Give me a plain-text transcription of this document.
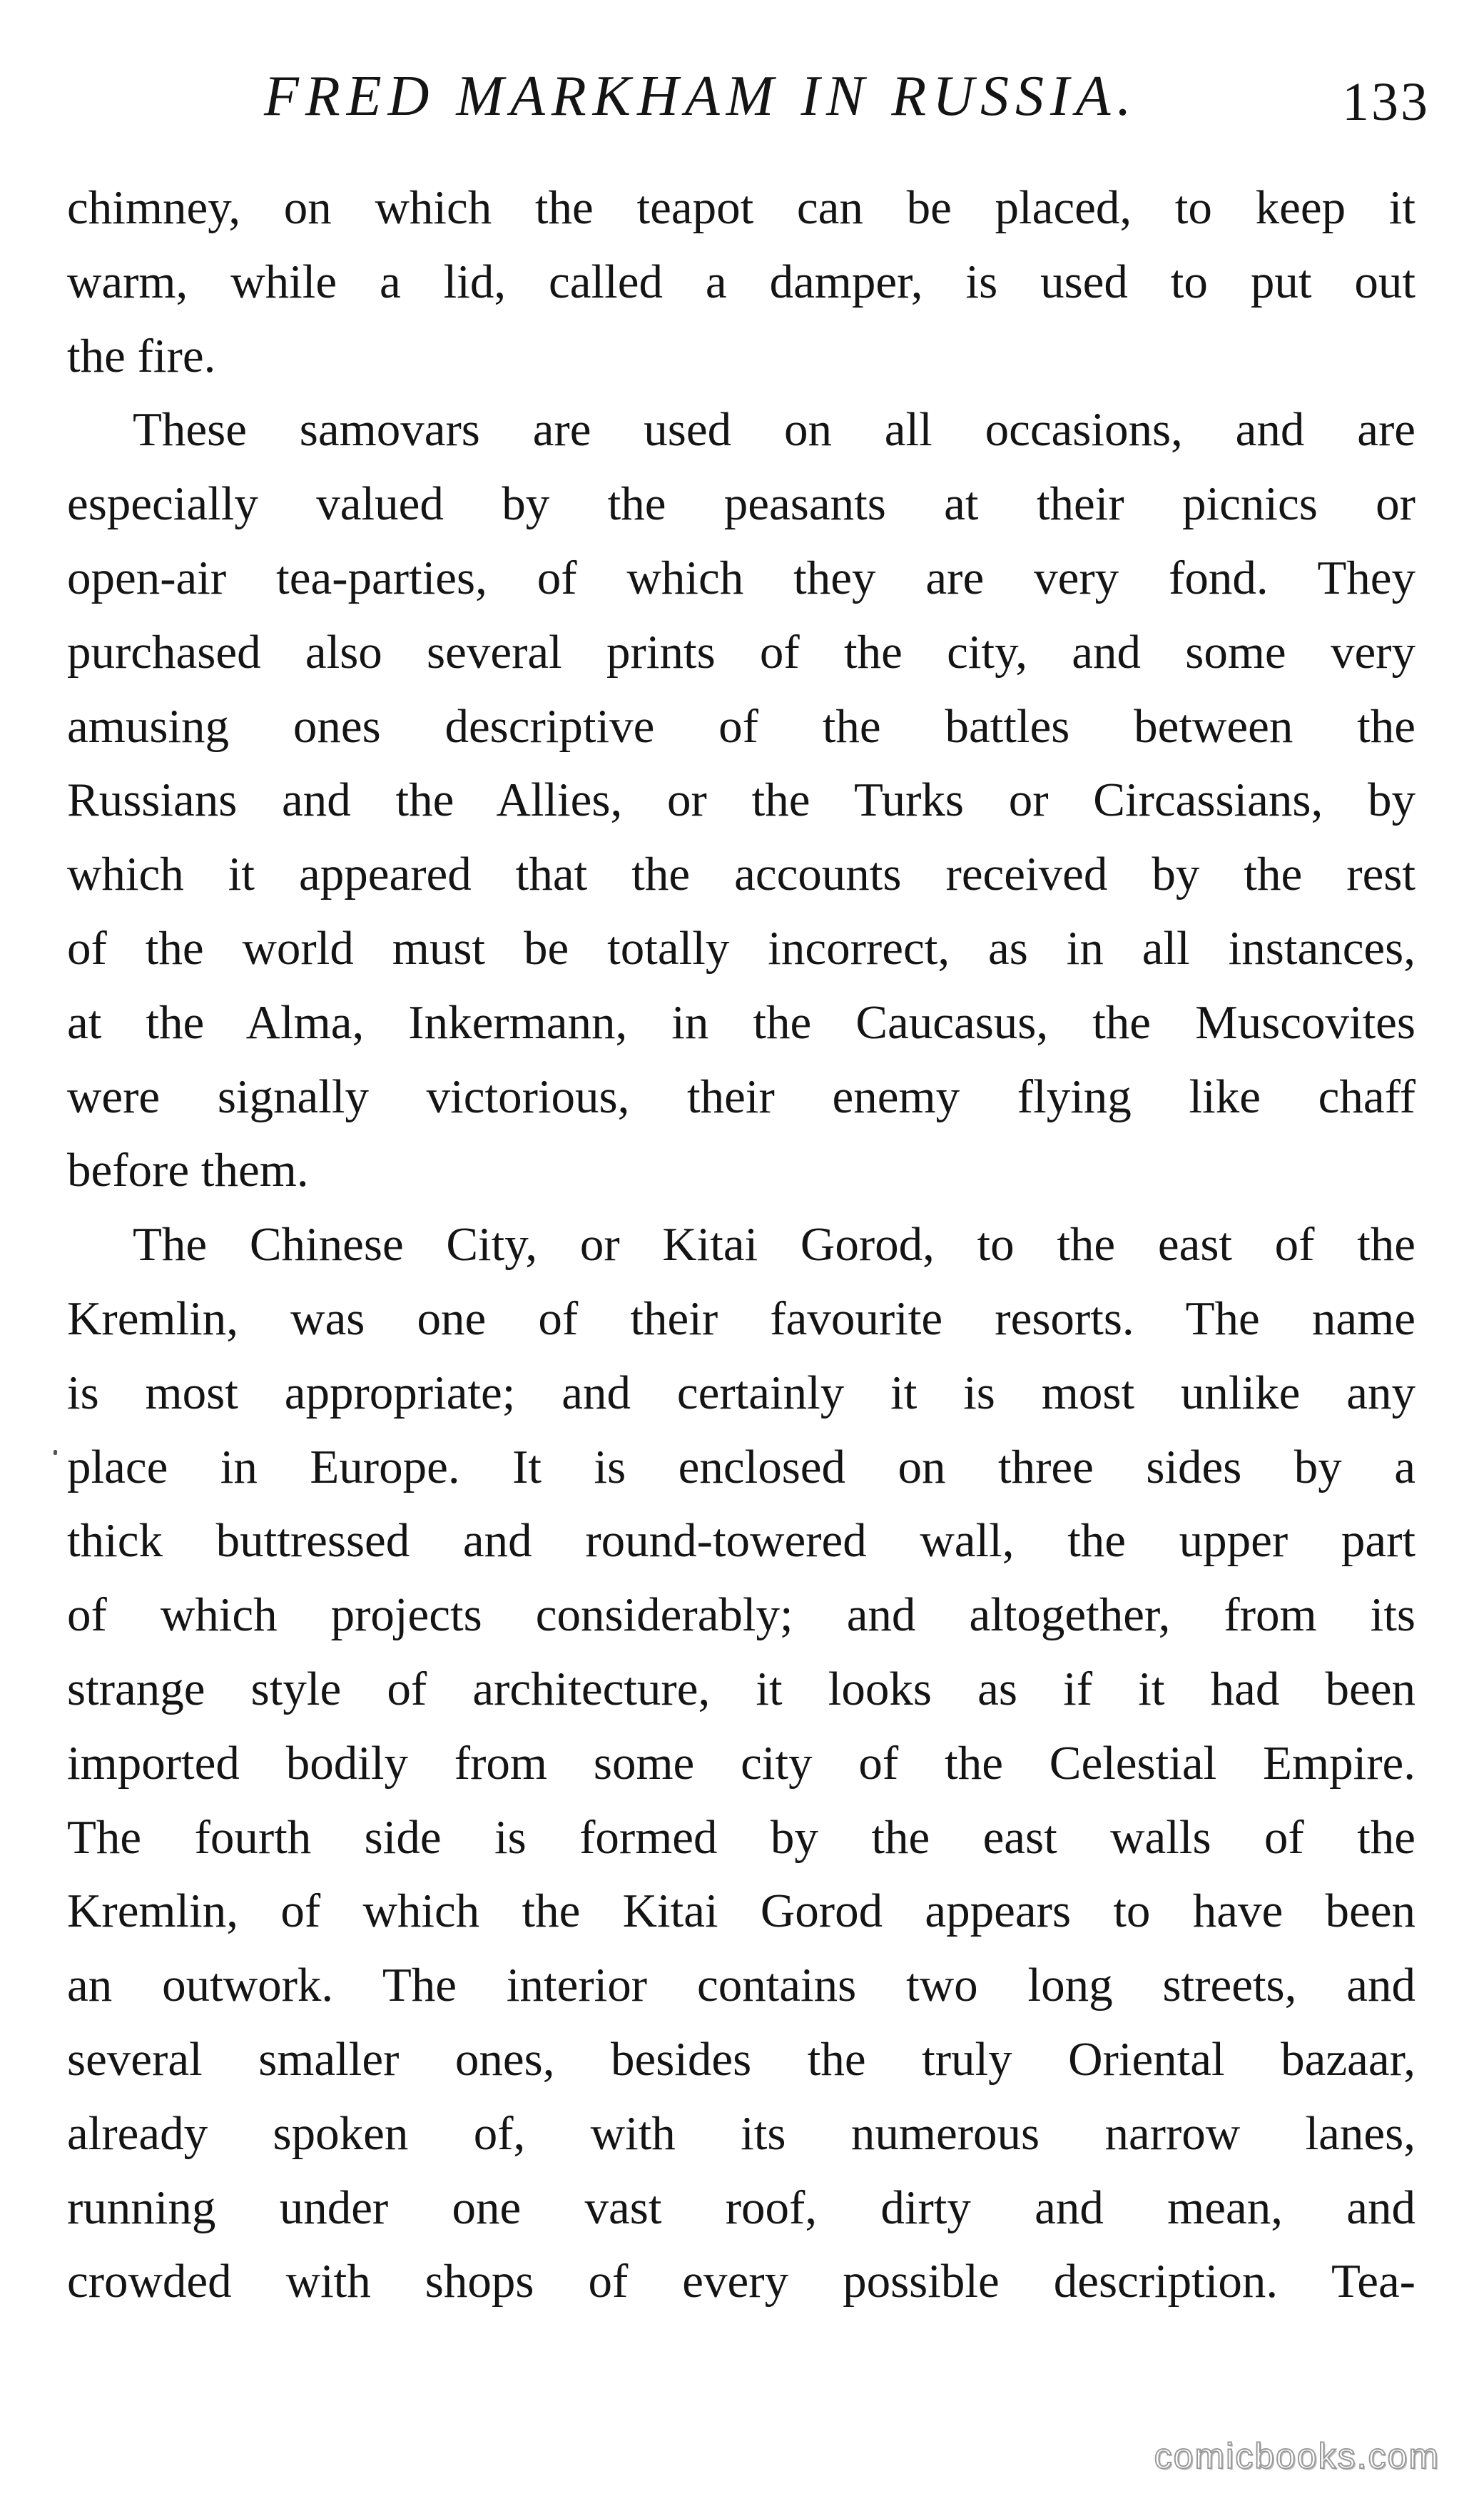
FRED MARKHAM IN RUSSIA.	133
chimney, on which the teapot can be placed, to keep it
warm, while a lid, called a damper, is used to put out
the fire.
These samovars are used on all occasions, and are
especially valued by the peasants at their picnics or
open-air tea-parties, of which they are very fond. They
purchased also several prints of the city, and some very
amusing ones descriptive of the battles between the
Russians and the Allies, or the Turks or Circassians, by
which it appeared that the accounts received by the rest
of the world must be totally incorrect, as in all instances,
at the Alma, Inkermann, in the Caucasus, the Muscovites
were signally victorious, their enemy flying like chaff
before them.
The Chinese City, or Kitai Gorod, to the east of the
Kremlin, was one of their favourite resorts. The name
is most appropriate; and certainly it is most unlike any
place in Europe. It is enclosed on three sides by a
thick buttressed and round-towered wall, the upper part
of which projects considerably; and altogether, from its
strange style of architecture, it looks as if it had been
imported bodily from some city of the Celestial Empire.
The fourth side is formed by the east walls of the
Kremlin, of which the Kitai Gorod appears to have been
an outwork. The interior contains two long streets, and
several smaller ones, besides the truly Oriental bazaar,
already spoken of, with its numerous narrow lanes,
running under one vast roof, dirty and mean, and
crowded with shops of every possible description. Tea-
comicbooks.com
